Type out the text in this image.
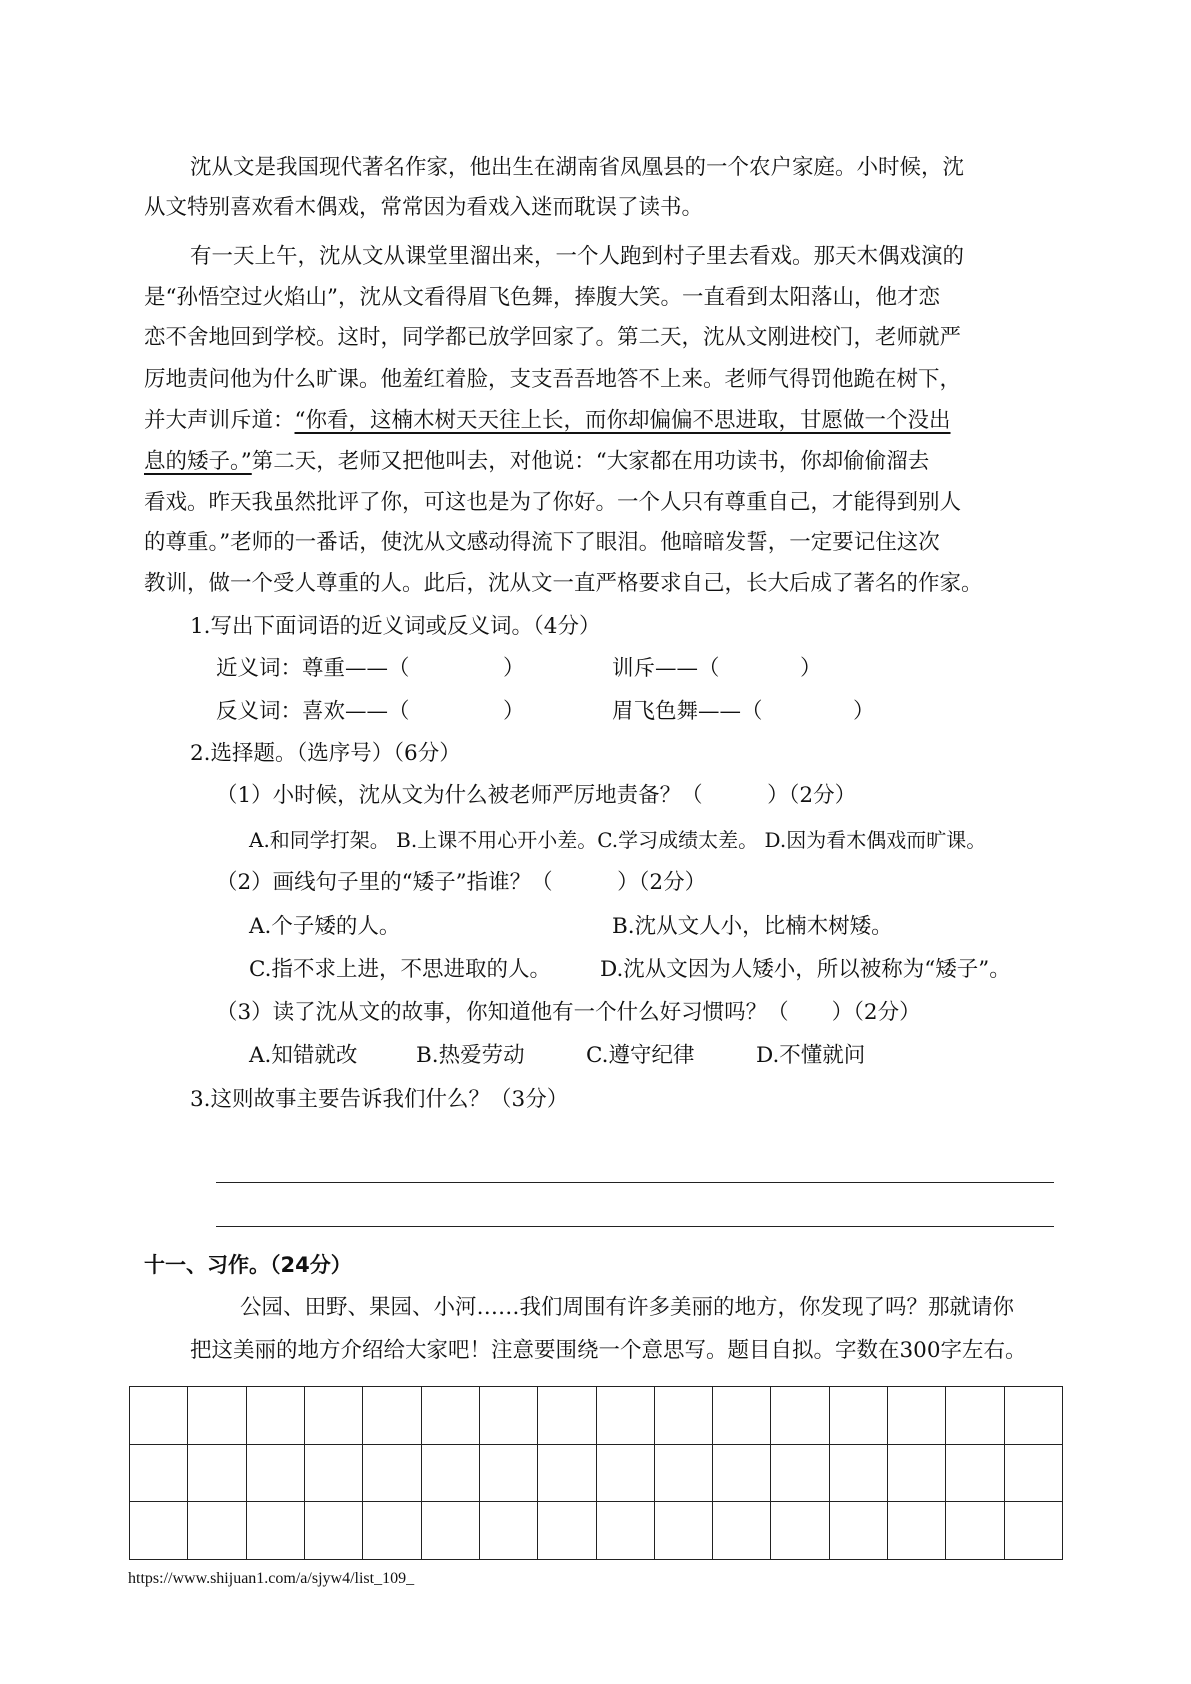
沈从文是我国现代著名作家，他出生在湖南省凤凰县的一个农户家庭。小时候，沈
从文特别喜欢看木偶戏，常常因为看戏入迷而耽误了读书。
有一天上午，沈从文从课堂里溜出来，一个人跑到村子里去看戏。那天木偶戏演的
是“孙悟空过火焰山”，沈从文看得眉飞色舞，捧腹大笑。一直看到太阳落山，他才恋
恋不舍地回到学校。这时，同学都已放学回家了。第二天，沈从文刚进校门，老师就严
厉地责问他为什么旷课。他羞红着脸，支支吾吾地答不上来。老师气得罚他跪在树下，
并大声训斥道：“你看，这楠木树天天往上长，而你却偏偏不思进取，甘愿做一个没出
息的矮子。”第二天，老师又把他叫去，对他说：“大家都在用功读书，你却偷偷溜去
看戏。昨天我虽然批评了你，可这也是为了你好。一个人只有尊重自己，才能得到别人
的尊重。”老师的一番话，使沈从文感动得流下了眼泪。他暗暗发誓，一定要记住这次
教训，做一个受人尊重的人。此后，沈从文一直严格要求自己，长大后成了著名的作家。
1.写出下面词语的近义词或反义词。（4分）
近义词：尊重——（	）	训斥——（	）
反义词：喜欢——（	）	眉飞色舞——（	）
2.选择题。（选序号）（6分）
（1）小时候，沈从文为什么被老师严厉地责备？（　　　）（2分）
A.和同学打架。 B.上课不用心开小差。C.学习成绩太差。 D.因为看木偶戏而旷课。
（2）画线句子里的“矮子”指谁？（　　　）（2分）
A.个子矮的人。	B.沈从文人小，比楠木树矮。
C.指不求上进，不思进取的人。 D.沈从文因为人矮小，所以被称为“矮子”。
（3）读了沈从文的故事，你知道他有一个什么好习惯吗？（　　）（2分）
A.知错就改	B.热爱劳动	C.遵守纪律	D.不懂就问
3.这则故事主要告诉我们什么？（3分）
十一、习作。（24分）
公园、田野、果园、小河……我们周围有许多美丽的地方，你发现了吗？那就请你
把这美丽的地方介绍给大家吧！注意要围绕一个意思写。题目自拟。字数在300字左右。
https://www.shijuan1.com/a/sjyw4/list_109_
